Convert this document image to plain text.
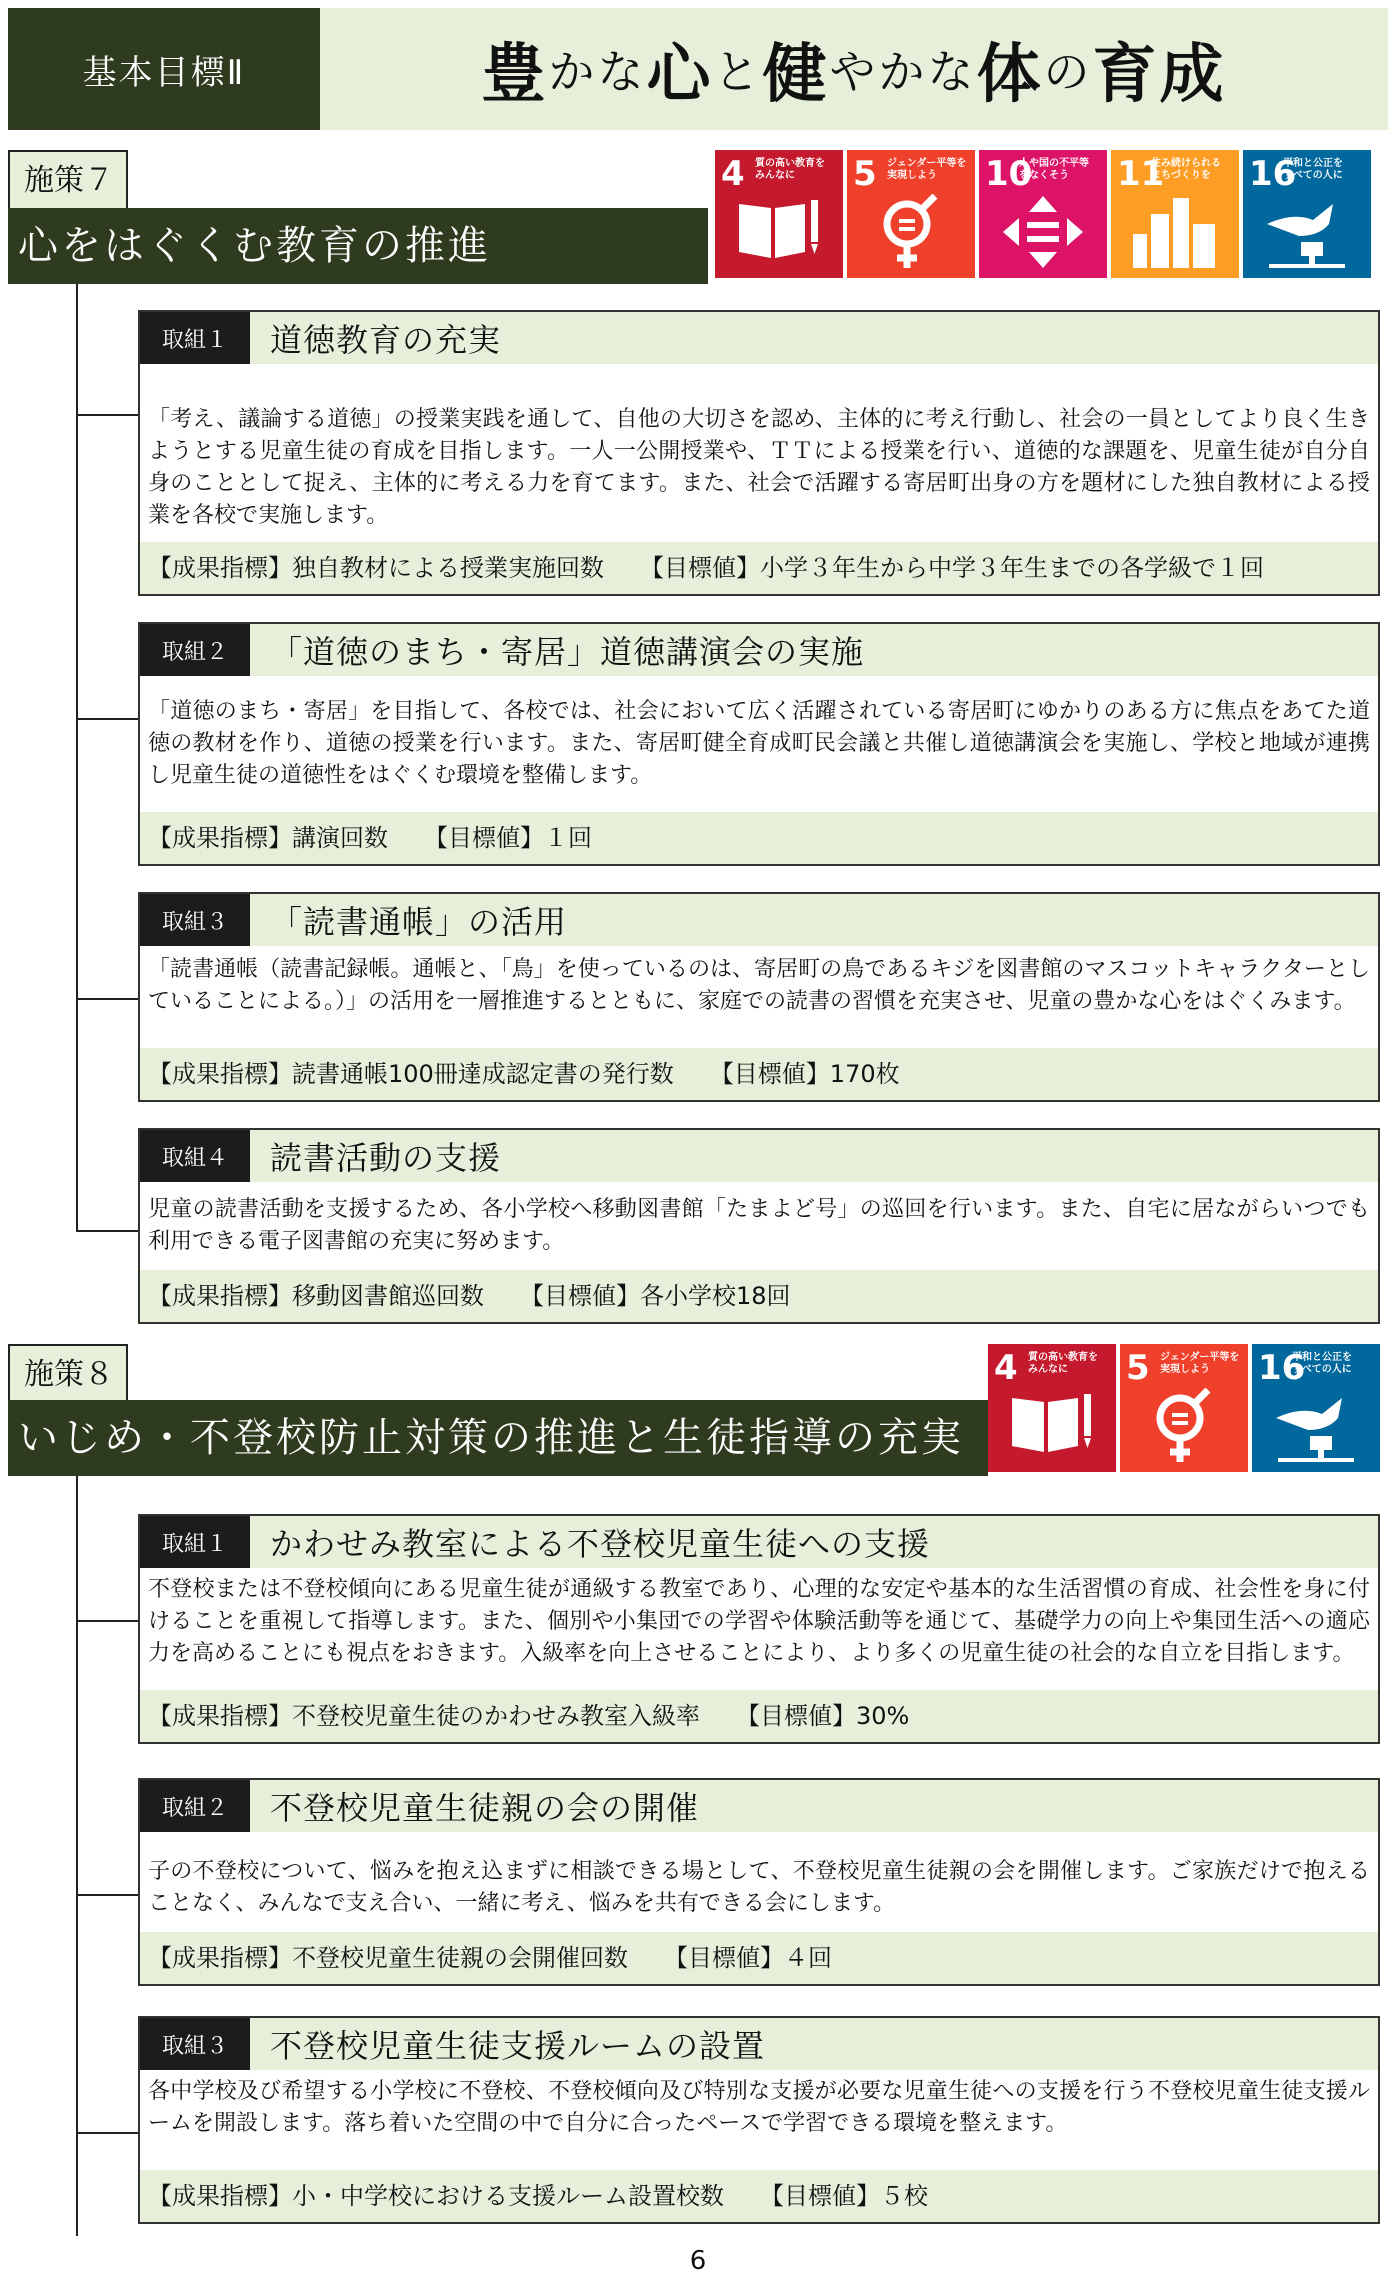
基本目標Ⅱ	豊 かな 心 と 健 やかな 体 の 育成
施策７
心をはぐくむ教育の推進
4 質の高い教育を
みんなに	5 ジェンダー平等を
実現しよう	10
人や国の不平等
をなくそう	11
住み続けられる
まちづくりを	16
平和と公正を
すべての人に
取組１	道徳教育の充実
「考え、議論する道徳」の授業実践を通して、自他の大切さを認め、主体的に考え行動し、社会の一員としてより良く生きようとする児童生徒の育成を目指します。一人一公開授業や、ＴＴによる授業を行い、道徳的な課題を、児童生徒が自分自身のこととして捉え、主体的に考える力を育てます。また、社会で活躍する寄居町出身の方を題材にした独自教材による授業を各校で実施します。
【成果指標】独自教材による授業実施回数 【目標値】小学３年生から中学３年生までの各学級で１回
取組２	「道徳のまち・寄居」道徳講演会の実施
「道徳のまち・寄居」を目指して、各校では、社会において広く活躍されている寄居町にゆかりのある方に焦点をあてた道徳の教材を作り、道徳の授業を行います。また、寄居町健全育成町民会議と共催し道徳講演会を実施し、学校と地域が連携し児童生徒の道徳性をはぐくむ環境を整備します。
【成果指標】講演回数 【目標値】１回
取組３	「読書通帳」の活用
「読書通帳（読書記録帳。通帳と、「鳥」を使っているのは、寄居町の鳥であるキジを図書館のマスコットキャラクターとしていることによる。）」の活用を一層推進するとともに、家庭での読書の習慣を充実させ、児童の豊かな心をはぐくみます。
【成果指標】読書通帳100冊達成認定書の発行数 【目標値】170枚
取組４	読書活動の支援
児童の読書活動を支援するため、各小学校へ移動図書館「たまよど号」の巡回を行います。また、自宅に居ながらいつでも利用できる電子図書館の充実に努めます。
【成果指標】移動図書館巡回数 【目標値】各小学校18回
施策８
いじめ・不登校防止対策の推進と生徒指導の充実
4 質の高い教育を
みんなに	5 ジェンダー平等を
実現しよう	16
平和と公正を
すべての人に
取組１	かわせみ教室による不登校児童生徒への支援
不登校または不登校傾向にある児童生徒が通級する教室であり、心理的な安定や基本的な生活習慣の育成、社会性を身に付けることを重視して指導します。また、個別や小集団での学習や体験活動等を通じて、基礎学力の向上や集団生活への適応力を高めることにも視点をおきます。入級率を向上させることにより、より多くの児童生徒の社会的な自立を目指します。
【成果指標】不登校児童生徒のかわせみ教室入級率 【目標値】30%
取組２	不登校児童生徒親の会の開催
子の不登校について、悩みを抱え込まずに相談できる場として、不登校児童生徒親の会を開催します。ご家族だけで抱えることなく、みんなで支え合い、一緒に考え、悩みを共有できる会にします。
【成果指標】不登校児童生徒親の会開催回数 【目標値】４回
取組３	不登校児童生徒支援ルームの設置
各中学校及び希望する小学校に不登校、不登校傾向及び特別な支援が必要な児童生徒への支援を行う不登校児童生徒支援ルームを開設します。落ち着いた空間の中で自分に合ったペースで学習できる環境を整えます。
【成果指標】小・中学校における支援ルーム設置校数 【目標値】５校
6
